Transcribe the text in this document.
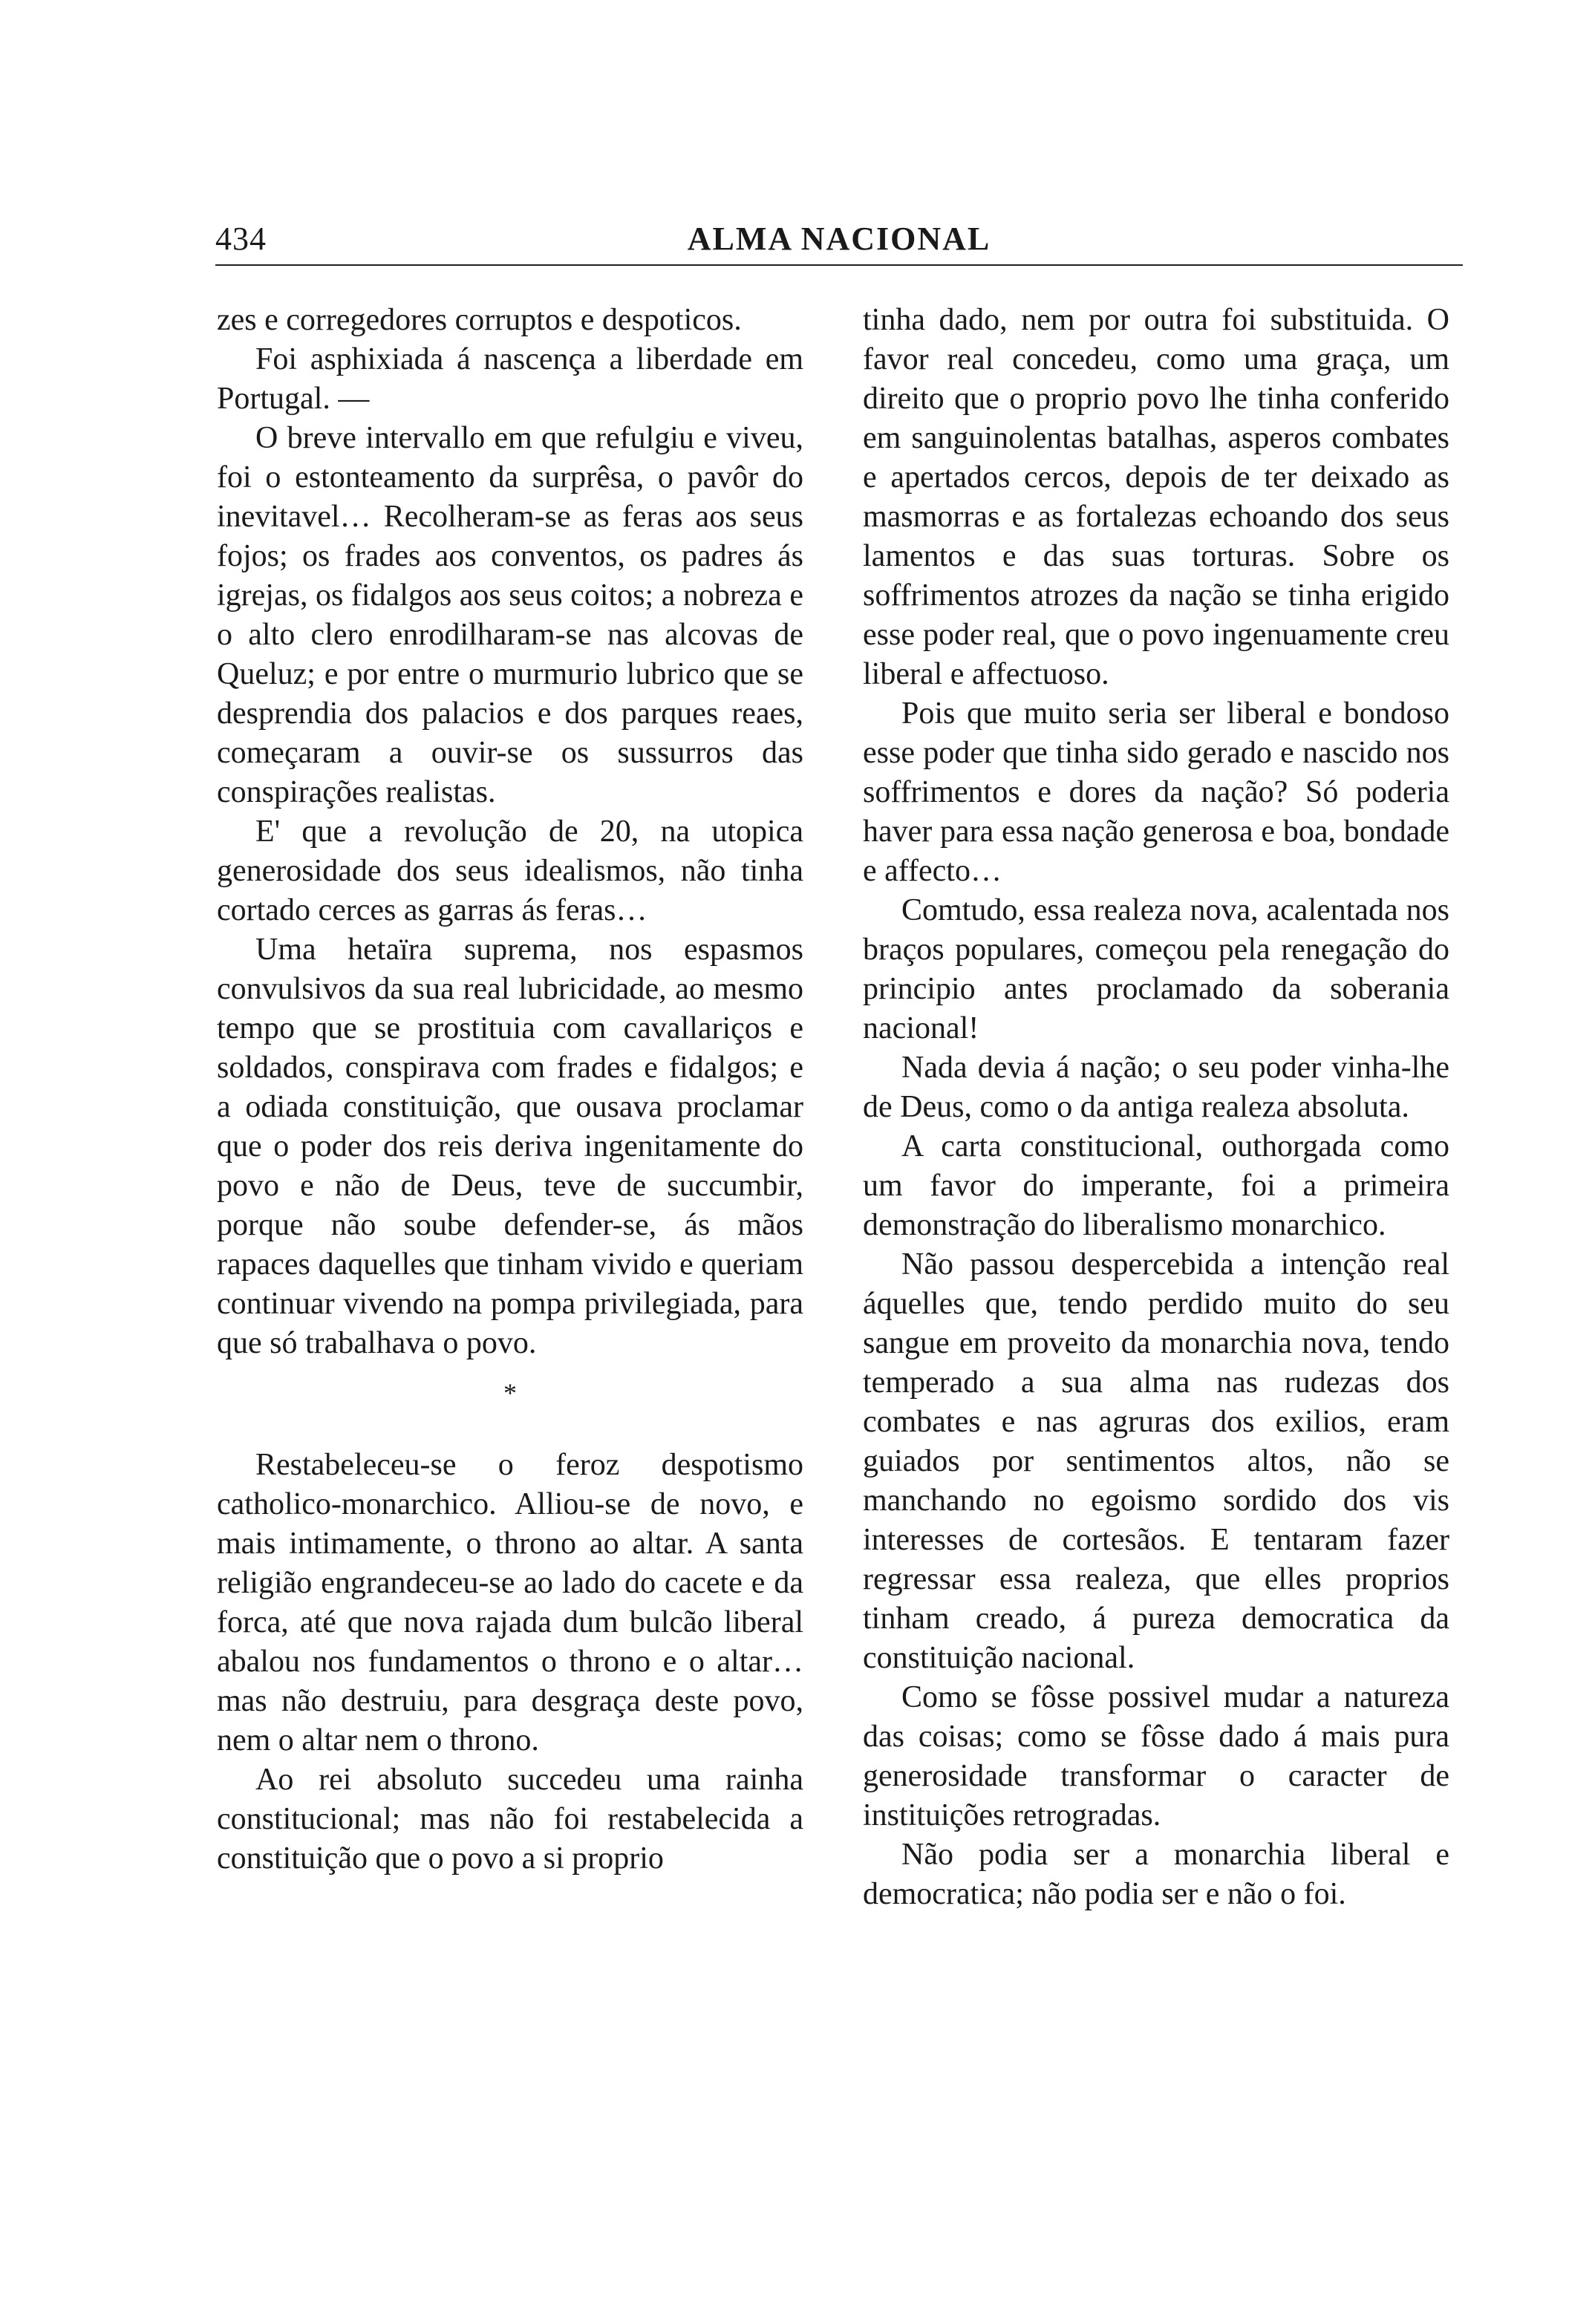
434	ALMA NACIONAL

zes e corregedores corruptos e despoticos.

Foi asphixiada á nascença a liberdade em Portugal. —

O breve intervallo em que refulgiu e viveu, foi o estonteamento da surprêsa, o pavôr do inevitavel… Recolheram-se as feras aos seus fojos; os frades aos conventos, os padres ás igrejas, os fidalgos aos seus coitos; a nobreza e o alto clero enrodilharam-se nas alcovas de Queluz; e por entre o murmurio lubrico que se desprendia dos palacios e dos parques reaes, começaram a ouvir-se os sussurros das conspirações realistas.

E' que a revolução de 20, na utopica generosidade dos seus idealismos, não tinha cortado cerces as garras ás feras…

Uma hetaïra suprema, nos espasmos convulsivos da sua real lubricidade, ao mesmo tempo que se prostituia com cavallariços e soldados, conspirava com frades e fidalgos; e a odiada constituição, que ousava proclamar que o poder dos reis deriva ingenitamente do povo e não de Deus, teve de succumbir, porque não soube defender-se, ás mãos rapaces daquelles que tinham vivido e queriam continuar vivendo na pompa privilegiada, para que só trabalhava o povo.

*

Restabeleceu-se o feroz despotismo catholico-monarchico. Alliou-se de novo, e mais intimamente, o throno ao altar. A santa religião engrandeceu-se ao lado do cacete e da forca, até que nova rajada dum bulcão liberal abalou nos fundamentos o throno e o altar… mas não destruiu, para desgraça deste povo, nem o altar nem o throno.

Ao rei absoluto succedeu uma rainha constitucional; mas não foi restabelecida a constituição que o povo a si proprio

tinha dado, nem por outra foi substituida. O favor real concedeu, como uma graça, um direito que o proprio povo lhe tinha conferido em sanguinolentas batalhas, asperos combates e apertados cercos, depois de ter deixado as masmorras e as fortalezas echoando dos seus lamentos e das suas torturas. Sobre os soffrimentos atrozes da nação se tinha erigido esse poder real, que o povo ingenuamente creu liberal e affectuoso.

Pois que muito seria ser liberal e bondoso esse poder que tinha sido gerado e nascido nos soffrimentos e dores da nação? Só poderia haver para essa nação generosa e boa, bondade e affecto…

Comtudo, essa realeza nova, acalentada nos braços populares, começou pela renegação do principio antes proclamado da soberania nacional!

Nada devia á nação; o seu poder vinha-lhe de Deus, como o da antiga realeza absoluta.

A carta constitucional, outhorgada como um favor do imperante, foi a primeira demonstração do liberalismo monarchico.

Não passou despercebida a intenção real áquelles que, tendo perdido muito do seu sangue em proveito da monarchia nova, tendo temperado a sua alma nas rudezas dos combates e nas agruras dos exilios, eram guiados por sentimentos altos, não se manchando no egoismo sordido dos vis interesses de cortesãos. E tentaram fazer regressar essa realeza, que elles proprios tinham creado, á pureza democratica da constituição nacional.

Como se fôsse possivel mudar a natureza das coisas; como se fôsse dado á mais pura generosidade transformar o caracter de instituições retrogradas.

Não podia ser a monarchia liberal e democratica; não podia ser e não o foi.
